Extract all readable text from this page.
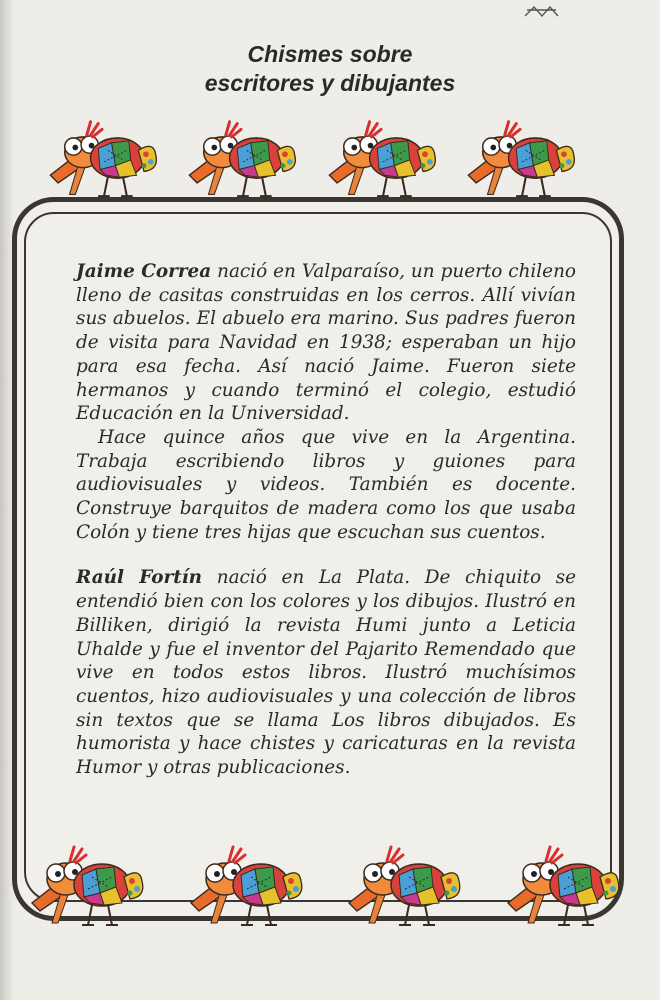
Chismes sobre
escritores y dibujantes

Jaime Correa nació en Valparaíso, un puerto chileno lleno de casitas construidas en los cerros. Allí vivían sus abuelos. El abuelo era marino. Sus padres fueron de visita para Navidad en 1938; esperaban un hijo para esa fecha. Así nació Jaime. Fueron siete hermanos y cuando terminó el colegio, estudió Educación en la Universidad.

Hace quince años que vive en la Argentina. Trabaja escribiendo libros y guiones para audiovisuales y videos. También es docente. Construye barquitos de madera como los que usaba Colón y tiene tres hijas que escuchan sus cuentos.

Raúl Fortín nació en La Plata. De chiquito se entendió bien con los colores y los dibujos. Ilustró en Billiken, dirigió la revista Humi junto a Leticia Uhalde y fue el inventor del Pajarito Remendado que vive en todos estos libros. Ilustró muchísimos cuentos, hizo audiovisuales y una colección de libros sin textos que se llama Los libros dibujados. Es humorista y hace chistes y caricaturas en la revista Humor y otras publicaciones.
